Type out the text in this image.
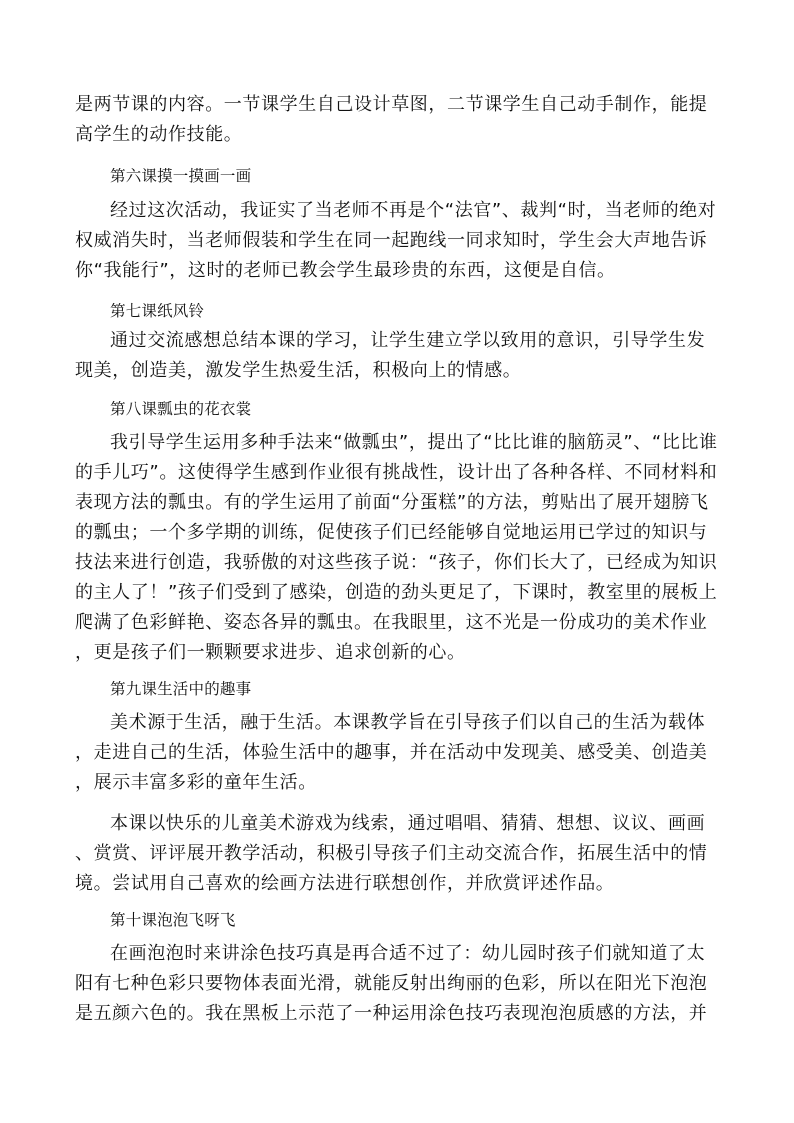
是两节课的内容。一节课学生自己设计草图，二节课学生自己动手制作，能提
高学生的动作技能。
第六课摸一摸画一画
经过这次活动，我证实了当老师不再是个“法官”、裁判“时，当老师的绝对
权威消失时，当老师假装和学生在同一起跑线一同求知时，学生会大声地告诉
你“我能行”，这时的老师已教会学生最珍贵的东西，这便是自信。
第七课纸风铃
通过交流感想总结本课的学习，让学生建立学以致用的意识，引导学生发
现美，创造美，激发学生热爱生活，积极向上的情感。
第八课瓢虫的花衣裳
我引导学生运用多种手法来“做瓢虫”，提出了“比比谁的脑筋灵”、“比比谁
的手儿巧”。这使得学生感到作业很有挑战性，设计出了各种各样、不同材料和
表现方法的瓢虫。有的学生运用了前面“分蛋糕”的方法，剪贴出了展开翅膀飞
的瓢虫；一个多学期的训练，促使孩子们已经能够自觉地运用已学过的知识与
技法来进行创造，我骄傲的对这些孩子说：“孩子，你们长大了，已经成为知识
的主人了！”孩子们受到了感染，创造的劲头更足了，下课时，教室里的展板上
爬满了色彩鲜艳、姿态各异的瓢虫。在我眼里，这不光是一份成功的美术作业
，更是孩子们一颗颗要求进步、追求创新的心。
第九课生活中的趣事
美术源于生活，融于生活。本课教学旨在引导孩子们以自己的生活为载体
，走进自己的生活，体验生活中的趣事，并在活动中发现美、感受美、创造美
，展示丰富多彩的童年生活。
本课以快乐的儿童美术游戏为线索，通过唱唱、猜猜、想想、议议、画画
、赏赏、评评展开教学活动，积极引导孩子们主动交流合作，拓展生活中的情
境。尝试用自己喜欢的绘画方法进行联想创作，并欣赏评述作品。
第十课泡泡飞呀飞
在画泡泡时来讲涂色技巧真是再合适不过了：幼儿园时孩子们就知道了太
阳有七种色彩只要物体表面光滑，就能反射出绚丽的色彩，所以在阳光下泡泡
是五颜六色的。我在黑板上示范了一种运用涂色技巧表现泡泡质感的方法，并
